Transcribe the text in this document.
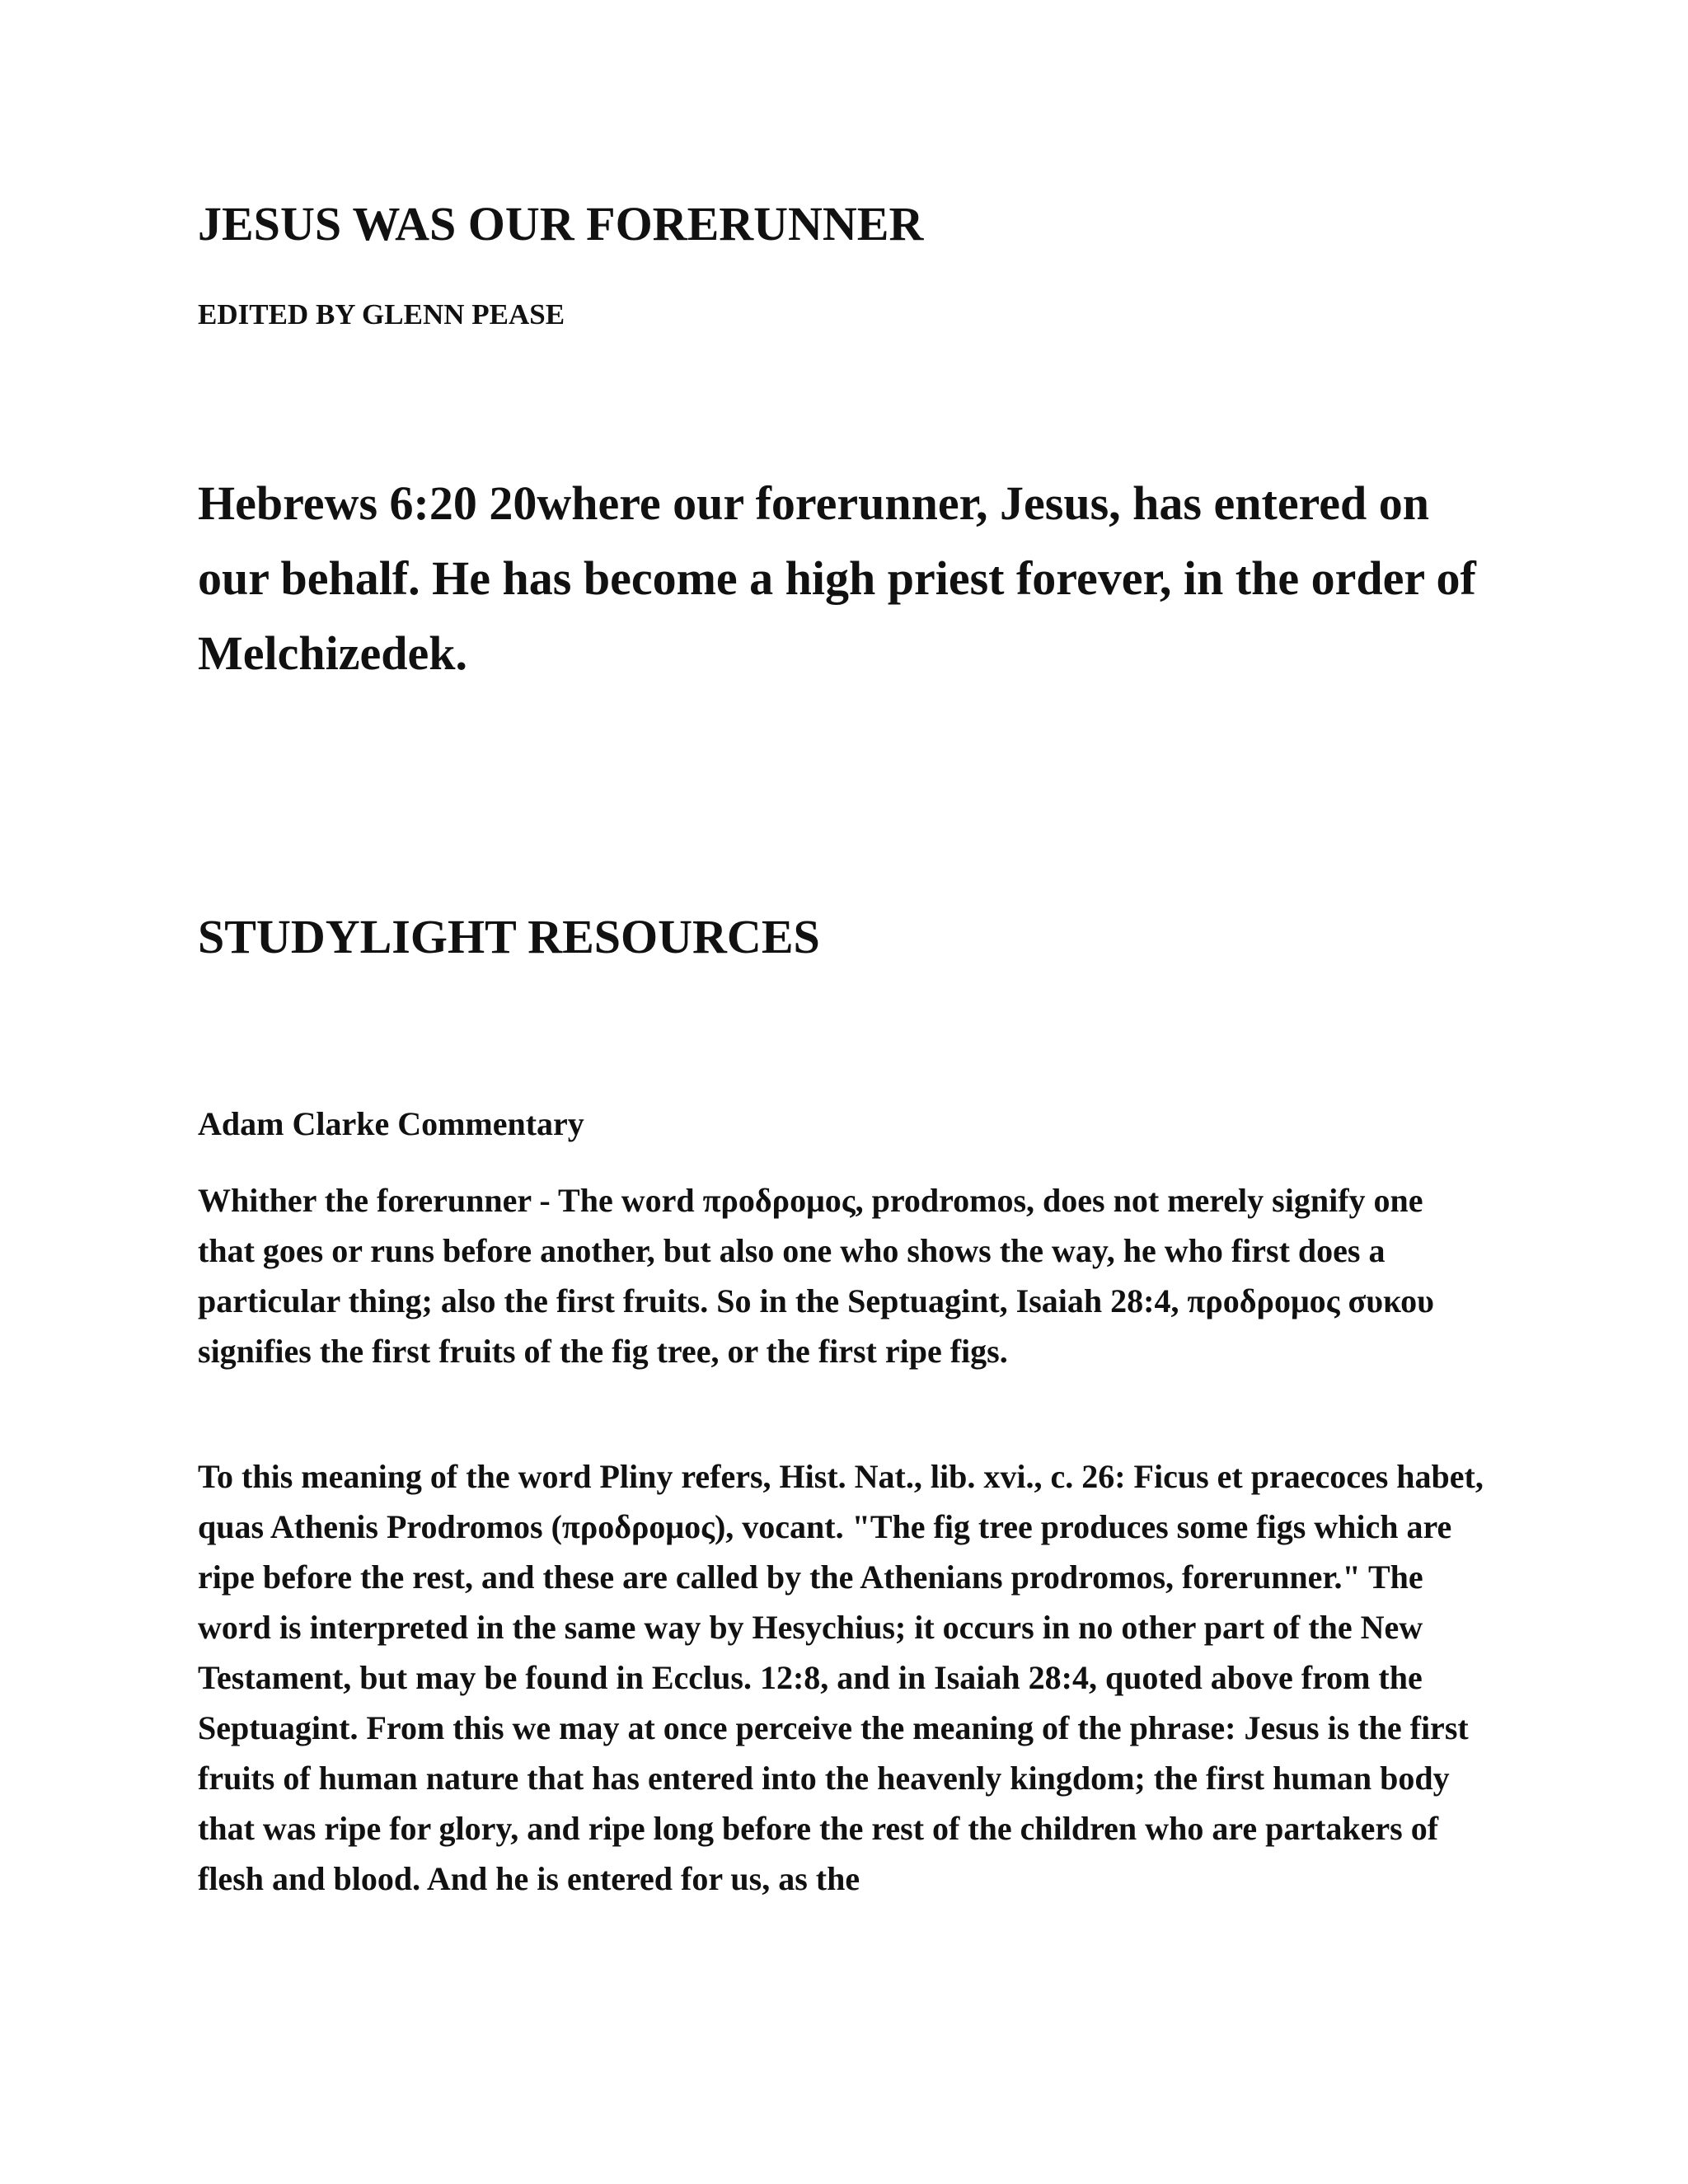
JESUS WAS OUR FORERUNNER

EDITED BY GLENN PEASE

Hebrews 6:20 20where our forerunner, Jesus, has entered on our behalf. He has become a high priest forever, in the order of Melchizedek.

STUDYLIGHT RESOURCES
Adam Clarke Commentary

Whither the forerunner - The word προδρομος, prodromos, does not merely signify one that goes or runs before another, but also one who shows the way, he who first does a particular thing; also the first fruits. So in the Septuagint, Isaiah 28:4, προδρομος συκου signifies the first fruits of the fig tree, or the first ripe figs.

To this meaning of the word Pliny refers, Hist. Nat., lib. xvi., c. 26: Ficus et praecoces habet, quas Athenis Prodromos (προδρομος), vocant. "The fig tree produces some figs which are ripe before the rest, and these are called by the Athenians prodromos, forerunner." The word is interpreted in the same way by Hesychius; it occurs in no other part of the New Testament, but may be found in Ecclus. 12:8, and in Isaiah 28:4, quoted above from the Septuagint. From this we may at once perceive the meaning of the phrase: Jesus is the first fruits of human nature that has entered into the heavenly kingdom; the first human body that was ripe for glory, and ripe long before the rest of the children who are partakers of flesh and blood. And he is entered for us, as the
